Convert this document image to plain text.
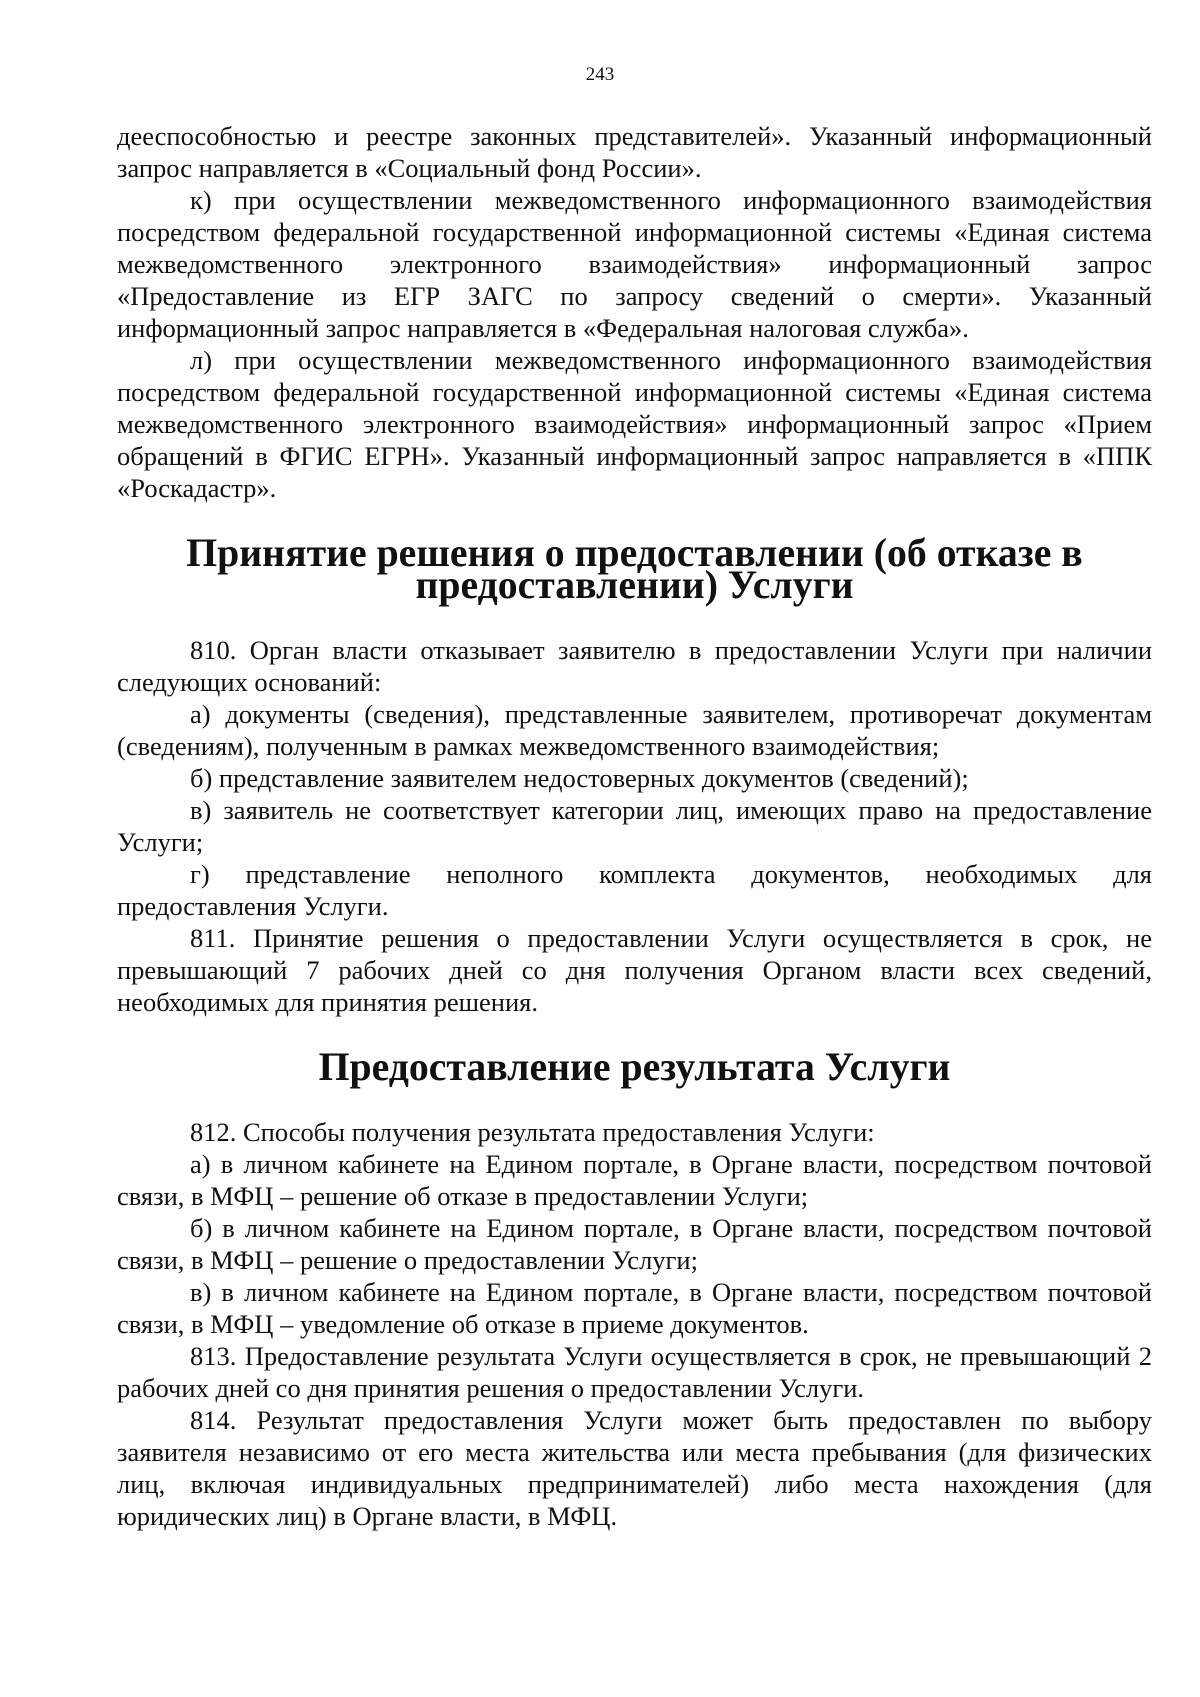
243

дееспособностью и реестре законных представителей». Указанный информационный запрос направляется в «Социальный фонд России».

к) при осуществлении межведомственного информационного взаимодействия посредством федеральной государственной информационной системы «Единая система межведомственного электронного взаимодействия» информационный запрос «Предоставление из ЕГР ЗАГС по запросу сведений о смерти». Указанный информационный запрос направляется в «Федеральная налоговая служба».

л) при осуществлении межведомственного информационного взаимодействия посредством федеральной государственной информационной системы «Единая система межведомственного электронного взаимодействия» информационный запрос «Прием обращений в ФГИС ЕГРН». Указанный информационный запрос направляется в «ППК «Роскадастр».

Принятие решения о предоставлении (об отказе в предоставлении) Услуги

810. Орган власти отказывает заявителю в предоставлении Услуги при наличии следующих оснований:

а) документы (сведения), представленные заявителем, противоречат документам (сведениям), полученным в рамках межведомственного взаимодействия;

б) представление заявителем недостоверных документов (сведений);

в) заявитель не соответствует категории лиц, имеющих право на предоставление Услуги;

г) представление неполного комплекта документов, необходимых для предоставления Услуги.

811. Принятие решения о предоставлении Услуги осуществляется в срок, не превышающий 7 рабочих дней со дня получения Органом власти всех сведений, необходимых для принятия решения.

Предоставление результата Услуги

812. Способы получения результата предоставления Услуги:

а) в личном кабинете на Едином портале, в Органе власти, посредством почтовой связи, в МФЦ – решение об отказе в предоставлении Услуги;

б) в личном кабинете на Едином портале, в Органе власти, посредством почтовой связи, в МФЦ – решение о предоставлении Услуги;

в) в личном кабинете на Едином портале, в Органе власти, посредством почтовой связи, в МФЦ – уведомление об отказе в приеме документов.

813. Предоставление результата Услуги осуществляется в срок, не превышающий 2 рабочих дней со дня принятия решения о предоставлении Услуги.

814. Результат предоставления Услуги может быть предоставлен по выбору заявителя независимо от его места жительства или места пребывания (для физических лиц, включая индивидуальных предпринимателей) либо места нахождения (для юридических лиц) в Органе власти, в МФЦ.
